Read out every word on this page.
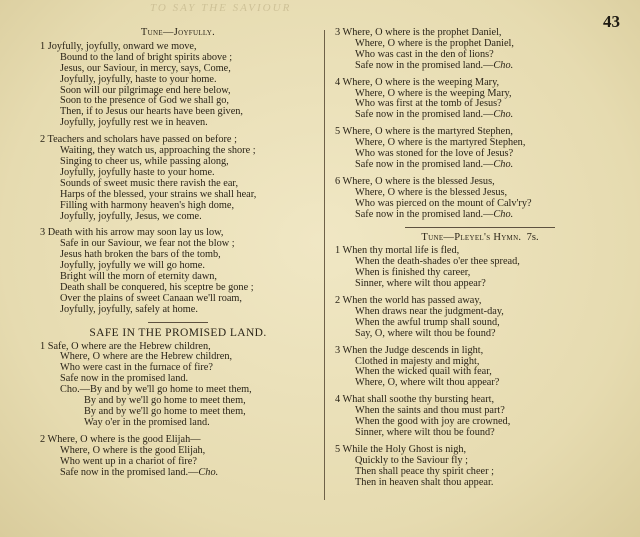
TO SAY THE SAVIOUR
43
Tune—Joyfully.
1 Joyfully, joyfully, onward we move,
Bound to the land of bright spirits above ;
Jesus, our Saviour, in mercy, says, Come,
Joyfully, joyfully, haste to your home.
Soon will our pilgrimage end here below,
Soon to the presence of God we shall go,
Then, if to Jesus our hearts have been given,
Joyfully, joyfully rest we in heaven.
2 Teachers and scholars have passed on before ;
Waiting, they watch us, approaching the shore ;
Singing to cheer us, while passing along,
Joyfully, joyfully haste to your home.
Sounds of sweet music there ravish the ear,
Harps of the blessed, your strains we shall hear,
Filling with harmony heaven's high dome,
Joyfully, joyfully, Jesus, we come.
3 Death with his arrow may soon lay us low,
Safe in our Saviour, we fear not the blow ;
Jesus hath broken the bars of the tomb,
Joyfully, joyfully we will go home.
Bright will the morn of eternity dawn,
Death shall be conquered, his sceptre be gone ;
Over the plains of sweet Canaan we'll roam,
Joyfully, joyfully, safely at home.
SAFE IN THE PROMISED LAND.
1 Safe, O where are the Hebrew children,
Where, O where are the Hebrew children,
Who were cast in the furnace of fire?
Safe now in the promised land.
Cho.—By and by we'll go home to meet them,
By and by we'll go home to meet them,
By and by we'll go home to meet them,
Way o'er in the promised land.
2 Where, O where is the good Elijah—
Where, O where is the good Elijah,
Who went up in a chariot of fire?
Safe now in the promised land.—Cho.
3 Where, O where is the prophet Daniel,
Where, O where is the prophet Daniel,
Who was cast in the den of lions?
Safe now in the promised land.—Cho.
4 Where, O where is the weeping Mary,
Where, O where is the weeping Mary,
Who was first at the tomb of Jesus?
Safe now in the promised land.—Cho.
5 Where, O where is the martyred Stephen,
Where, O where is the martyred Stephen,
Who was stoned for the love of Jesus?
Safe now in the promised land.—Cho.
6 Where, O where is the blessed Jesus,
Where, O where is the blessed Jesus,
Who was pierced on the mount of Calv'ry?
Safe now in the promised land.—Cho.
Tune—Pleyel's Hymn. 7s.
1 When thy mortal life is fled,
When the death-shades o'er thee spread,
When is finished thy career,
Sinner, where wilt thou appear?
2 When the world has passed away,
When draws near the judgment-day,
When the awful trump shall sound,
Say, O, where wilt thou be found?
3 When the Judge descends in light,
Clothed in majesty and might,
When the wicked quail with fear,
Where, O, where wilt thou appear?
4 What shall soothe thy bursting heart,
When the saints and thou must part?
When the good with joy are crowned,
Sinner, where wilt thou be found?
5 While the Holy Ghost is nigh,
Quickly to the Saviour fly ;
Then shall peace thy spirit cheer ;
Then in heaven shalt thou appear.
